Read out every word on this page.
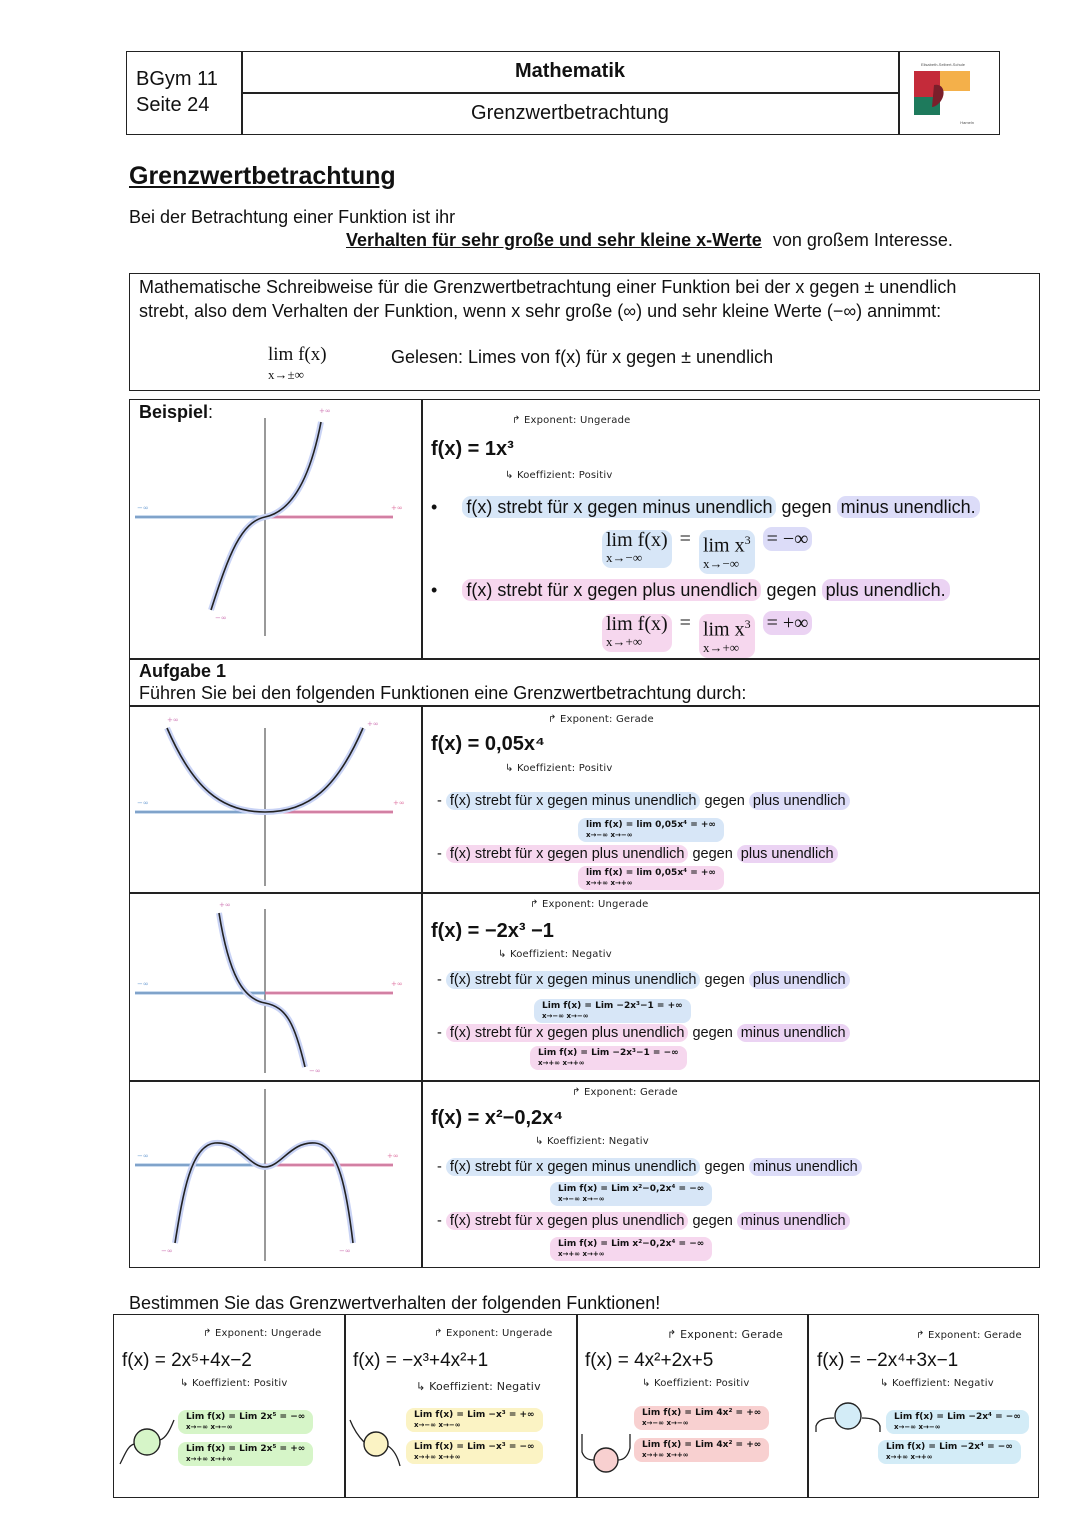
BGym 11
Seite 24
Mathematik
Grenzwertbetrachtung
Elisabeth-Selbert-Schule
Hameln
Grenzwertbetrachtung
Bei der Betrachtung einer Funktion ist ihr
Verhalten für sehr große und sehr kleine x-Werte von großem Interesse.
Mathematische Schreibweise für die Grenzwertbetrachtung einer Funktion bei der x gegen ± unendlich
strebt, also dem Verhalten der Funktion, wenn x sehr große (∞) und sehr kleine Werte (−∞) annimmt:
lim f(x)
x→±∞
Gelesen: Limes von f(x) für x gegen ± unendlich
Beispiel:	+∞
−∞
−∞	+∞
↱ Exponent: Ungerade
f(x) = 1x³
↳ Koeffizient: Positiv
• f(x) strebt für x gegen minus unendlich gegen minus unendlich.
lim f(x)
x→−∞
= $\lim x^3$
x→−∞
= −∞
• f(x) strebt für x gegen plus unendlich gegen plus unendlich.
lim f(x)
x→+∞
= $\lim x^3$
x→+∞
= +∞
Aufgabe 1
Führen Sie bei den folgenden Funktionen eine Grenzwertbetrachtung durch:
+∞	+∞
−∞	+∞
↱ Exponent: Gerade
f(x) = 0,05x⁴
↳ Koeffizient: Positiv
- f(x) strebt für x gegen minus unendlich gegen plus unendlich
lim f(x) = lim 0,05x⁴ = +∞
x→−∞ x→−∞
- f(x) strebt für x gegen plus unendlich gegen plus unendlich
lim f(x) = lim 0,05x⁴ = +∞
x→+∞ x→+∞
+∞
−∞
−∞	+∞
↱ Exponent: Ungerade
f(x) = −2x³ −1
↳ Koeffizient: Negativ
- f(x) strebt für x gegen minus unendlich gegen plus unendlich
Lim f(x) = Lim −2x³−1 = +∞
x→−∞ x→−∞
- f(x) strebt für x gegen plus unendlich gegen minus unendlich
Lim f(x) = Lim −2x³−1 = −∞
x→+∞ x→+∞
−∞	−∞
−∞	+∞
↱ Exponent: Gerade
f(x) = x²−0,2x⁴
↳ Koeffizient: Negativ
- f(x) strebt für x gegen minus unendlich gegen minus unendlich
Lim f(x) = Lim x²−0,2x⁴ = −∞
x→−∞ x→−∞
- f(x) strebt für x gegen plus unendlich gegen minus unendlich
Lim f(x) = Lim x²−0,2x⁴ = −∞
x→+∞ x→+∞
Bestimmen Sie das Grenzwertverhalten der folgenden Funktionen!
↱ Exponent: Ungerade
f(x) = 2x⁵+4x−2
↳ Koeffizient: Positiv
Lim f(x) = Lim 2x⁵ = −∞
x→−∞ x→−∞
Lim f(x) = Lim 2x⁵ = +∞
x→+∞ x→+∞
↱ Exponent: Ungerade
f(x) = −x³+4x²+1
↳ Koeffizient: Negativ
Lim f(x) = Lim −x³ = +∞
x→−∞ x→−∞
Lim f(x) = Lim −x³ = −∞
x→+∞ x→+∞
↱ Exponent: Gerade
f(x) = 4x²+2x+5
↳ Koeffizient: Positiv
Lim f(x) = Lim 4x² = +∞
x→−∞ x→−∞
Lim f(x) = Lim 4x² = +∞
x→+∞ x→+∞
↱ Exponent: Gerade
f(x) = −2x⁴+3x−1
↳ Koeffizient: Negativ
Lim f(x) = Lim −2x⁴ = −∞
x→−∞ x→−∞
Lim f(x) = Lim −2x⁴ = −∞
x→+∞ x→+∞
